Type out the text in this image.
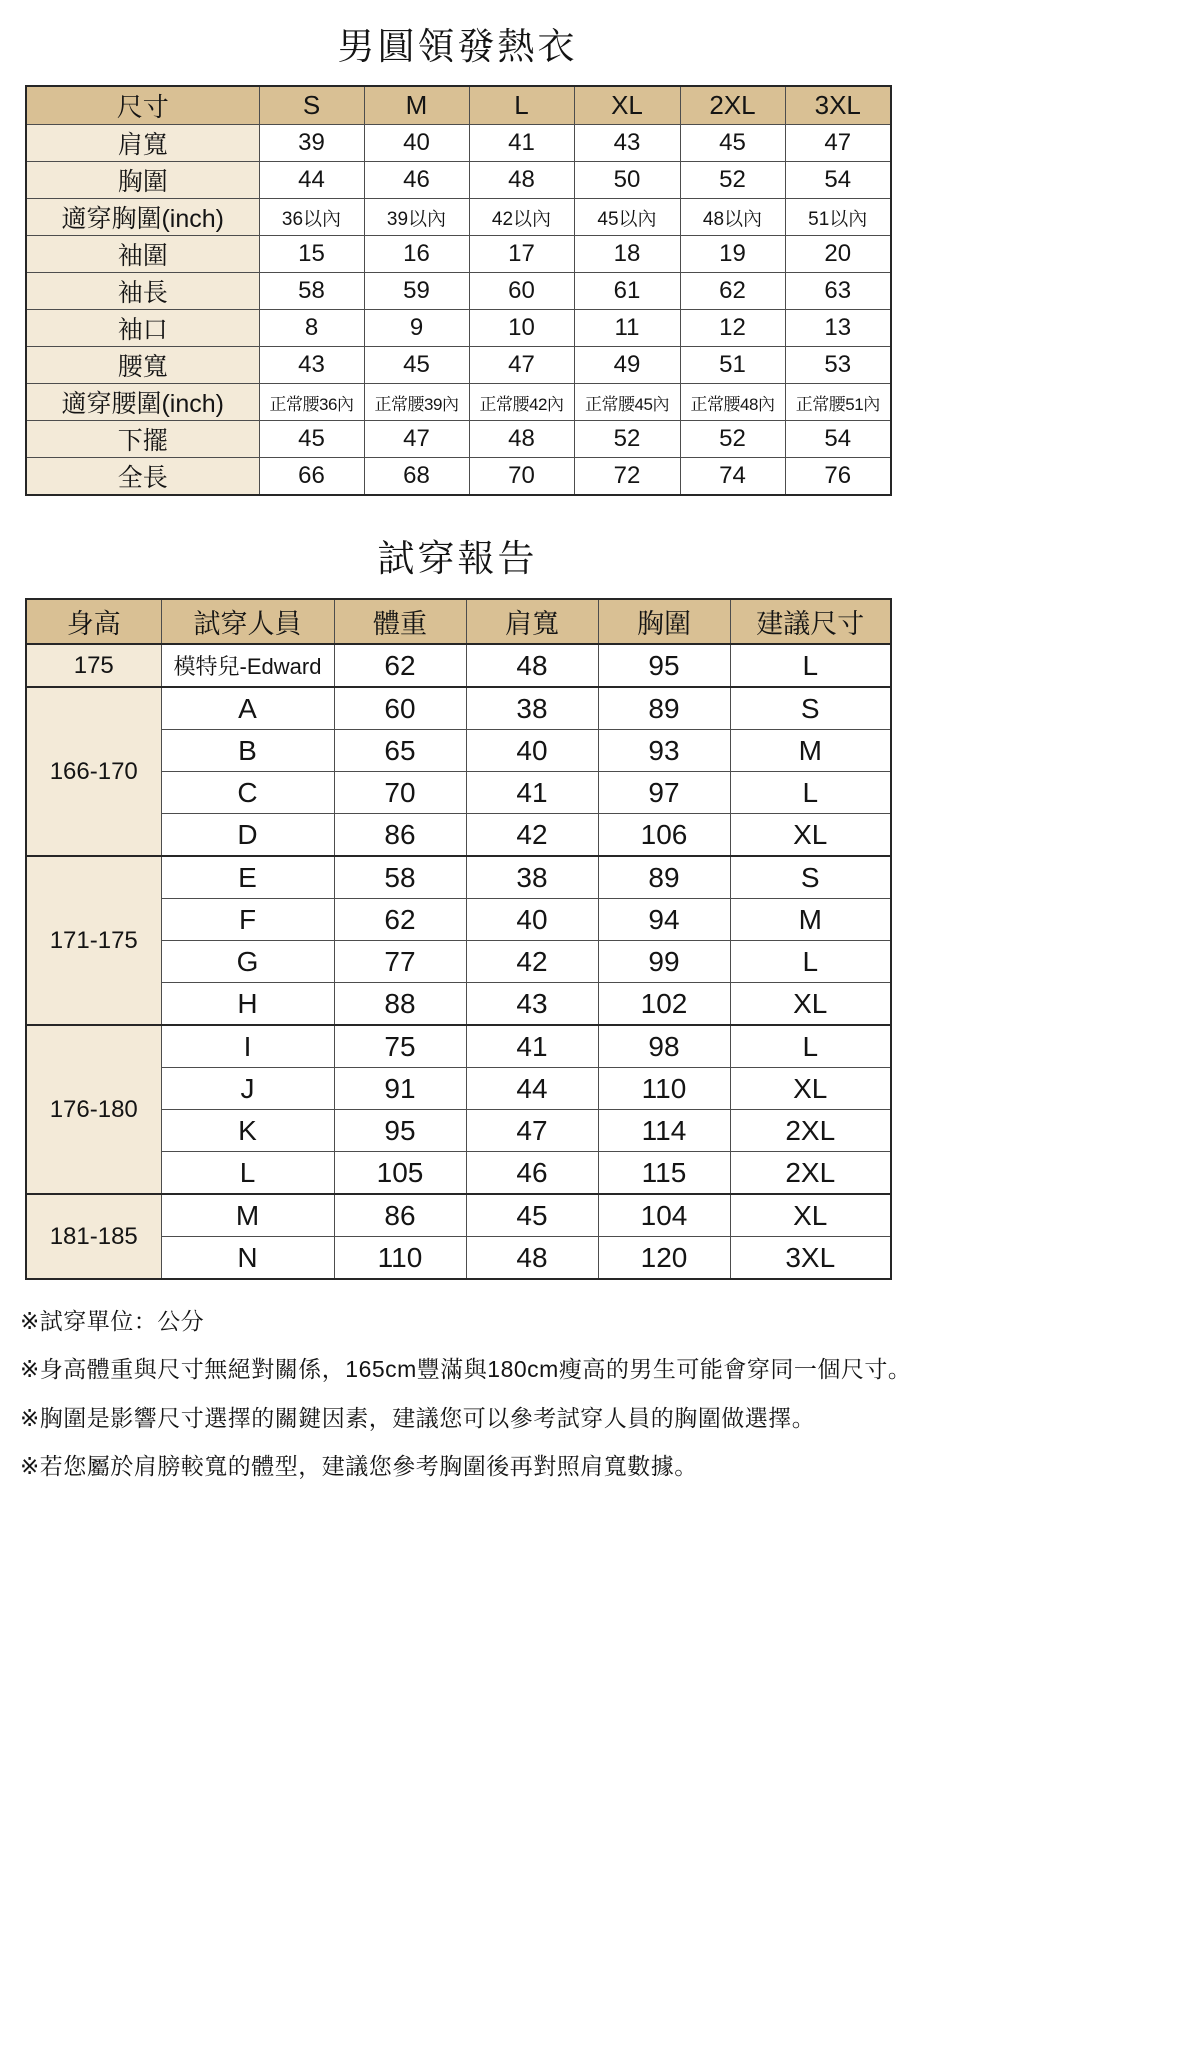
男圓領發熱衣
尺寸	S	M	L	XL	2XL	3XL
肩寬	39	40	41	43	45	47
胸圍	44	46	48	50	52	54
適穿胸圍(inch)	36以內	39以內	42以內	45以內	48以內	51以內
袖圍	15	16	17	18	19	20
袖長	58	59	60	61	62	63
袖口	8	9	10	11	12	13
腰寬	43	45	47	49	51	53
適穿腰圍(inch)	正常腰36內	正常腰39內	正常腰42內	正常腰45內	正常腰48內	正常腰51內
下擺	45	47	48	52	52	54
全長	66	68	70	72	74	76
試穿報告
身高	試穿人員	體重	肩寬	胸圍	建議尺寸
175	模特兒-Edward	62	48	95	L
166-170	A	60	38	89	S
	B	65	40	93	M
	C	70	41	97	L
	D	86	42	106	XL
171-175	E	58	38	89	S
	F	62	40	94	M
	G	77	42	99	L
	H	88	43	102	XL
176-180	I	75	41	98	L
	J	91	44	110	XL
	K	95	47	114	2XL
	L	105	46	115	2XL
181-185	M	86	45	104	XL
	N	110	48	120	3XL

※試穿單位：公分

※身高體重與尺寸無絕對關係，165cm豐滿與180cm瘦高的男生可能會穿同一個尺寸。

※胸圍是影響尺寸選擇的關鍵因素，建議您可以參考試穿人員的胸圍做選擇。

※若您屬於肩膀較寬的體型，建議您參考胸圍後再對照肩寬數據。
